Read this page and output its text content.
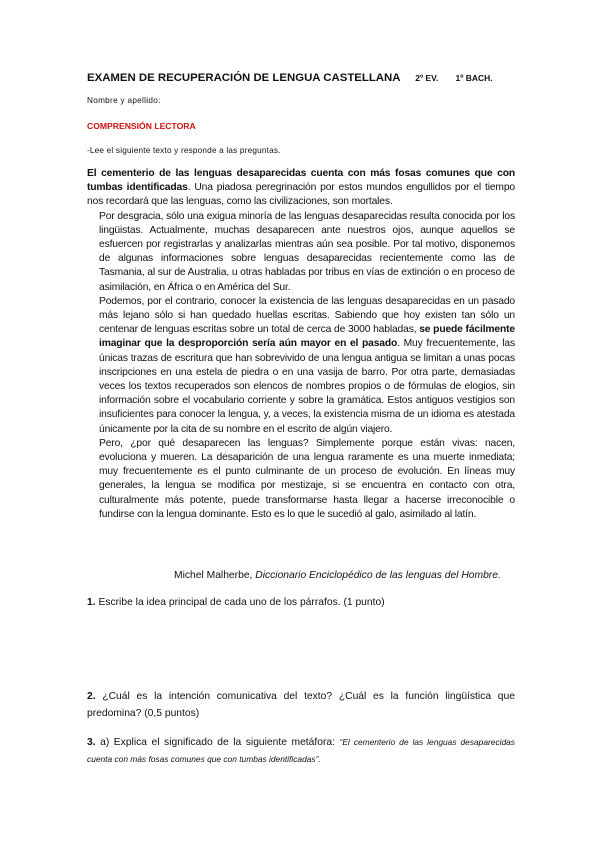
EXAMEN DE RECUPERACIÓN DE LENGUA CASTELLANA 2º EV. 1º BACH.
Nombre y apellido:
COMPRENSIÓN LECTORA
-Lee el siguiente texto y responde a las preguntas.

El cementerio de las lenguas desaparecidas cuenta con más fosas comunes que con tumbas identificadas. Una piadosa peregrinación por estos mundos engullidos por el tiempo nos recordará que las lenguas, como las civilizaciones, son mortales.

Por desgracia, sólo una exigua minoría de las lenguas desaparecidas resulta conocida por los lingüistas. Actualmente, muchas desaparecen ante nuestros ojos, aunque aquellos se esfuercen por registrarlas y analizarlas mientras aún sea posible. Por tal motivo, disponemos de algunas informaciones sobre lenguas desaparecidas recientemente como las de Tasmania, al sur de Australia, u otras habladas por tribus en vías de extinción o en proceso de asimilación, en África o en América del Sur.

Podemos, por el contrario, conocer la existencia de las lenguas desaparecidas en un pasado más lejano sólo si han quedado huellas escritas. Sabiendo que hoy existen tan sólo un centenar de lenguas escritas sobre un total de cerca de 3000 habladas, se puede fácilmente imaginar que la desproporción sería aún mayor en el pasado. Muy frecuentemente, las únicas trazas de escritura que han sobrevivido de una lengua antigua se limitan a unas pocas inscripciones en una estela de piedra o en una vasija de barro. Por otra parte, demasiadas veces los textos recuperados son elencos de nombres propios o de fórmulas de elogios, sin información sobre el vocabulario corriente y sobre la gramática. Estos antiguos vestigios son insuficientes para conocer la lengua, y, a veces, la existencia misma de un idioma es atestada únicamente por la cita de su nombre en el escrito de algún viajero.

Pero, ¿por qué desaparecen las lenguas? Simplemente porque están vivas: nacen, evoluciona y mueren. La desaparición de una lengua raramente es una muerte inmediata; muy frecuentemente es el punto culminante de un proceso de evolución. En líneas muy generales, la lengua se modifica por mestizaje, si se encuentra en contacto con otra, culturalmente más potente, puede transformarse hasta llegar a hacerse irreconocible o fundirse con la lengua dominante. Esto es lo que le sucedió al galo, asimilado al latín.

Michel Malherbe, Diccionario Enciclopédico de las lenguas del Hombre.
1. Escribe la idea principal de cada uno de los párrafos. (1 punto)
2. ¿Cuál es la intención comunicativa del texto? ¿Cuál es la función lingüística que predomina? (0,5 puntos)
3. a) Explica el significado de la siguiente metáfora: “El cementerio de las lenguas desaparecidas cuenta con más fosas comunes que con tumbas identificadas”.
